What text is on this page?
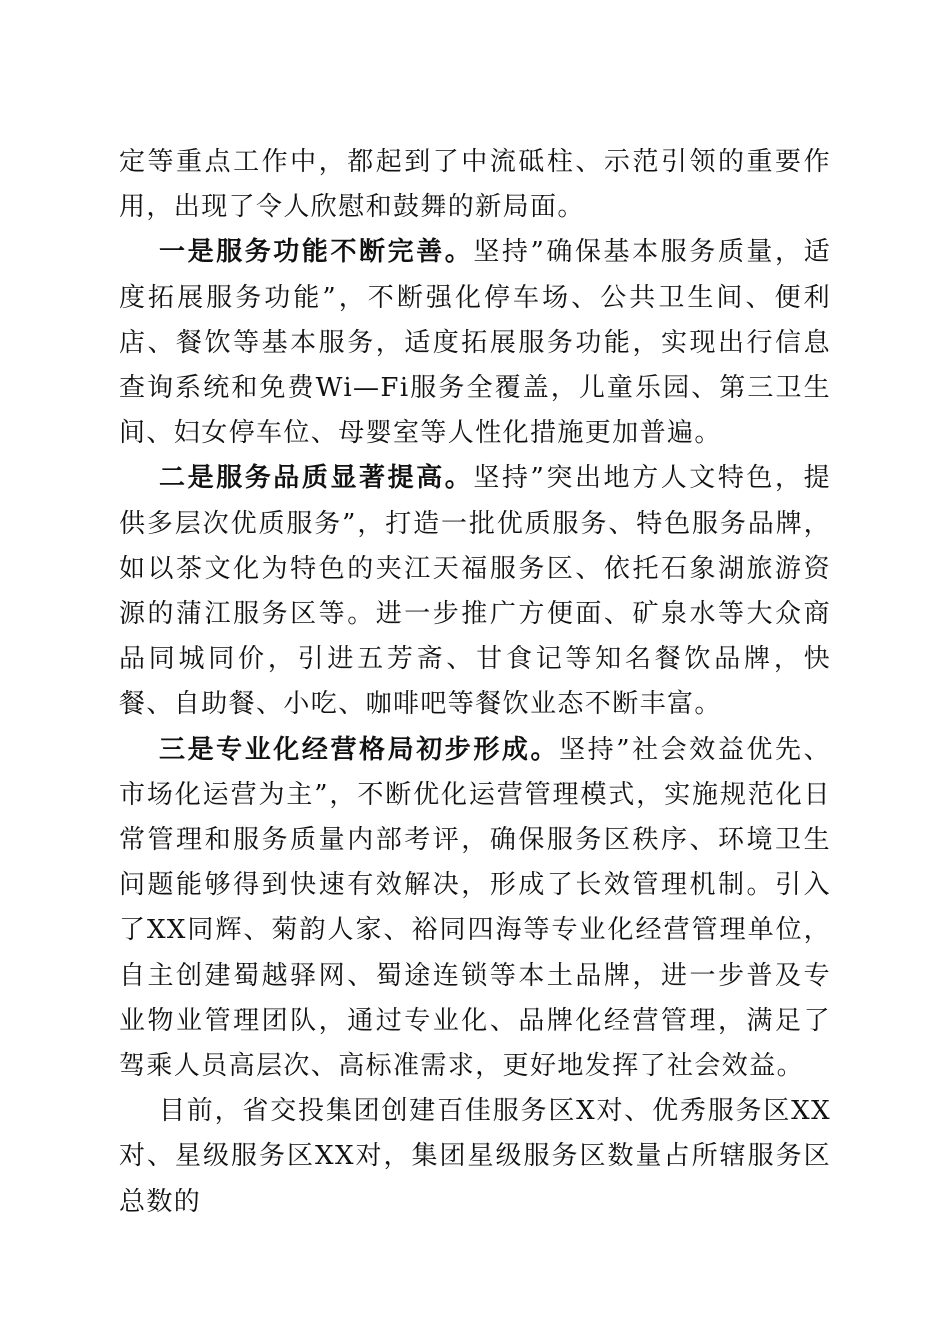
定等重点工作中，都起到了中流砥柱、示范引领的重要作用，出现了令人欣慰和鼓舞的新局面。

一是服务功能不断完善。坚持”确保基本服务质量，适度拓展服务功能”，不断强化停车场、公共卫生间、便利店、餐饮等基本服务，适度拓展服务功能，实现出行信息查询系统和免费Wi—Fi服务全覆盖，儿童乐园、第三卫生间、妇女停车位、母婴室等人性化措施更加普遍。

二是服务品质显著提高。坚持”突出地方人文特色，提供多层次优质服务”，打造一批优质服务、特色服务品牌，如以茶文化为特色的夹江天福服务区、依托石象湖旅游资源的蒲江服务区等。进一步推广方便面、矿泉水等大众商品同城同价，引进五芳斋、甘食记等知名餐饮品牌，快餐、自助餐、小吃、咖啡吧等餐饮业态不断丰富。

三是专业化经营格局初步形成。坚持”社会效益优先、市场化运营为主”，不断优化运营管理模式，实施规范化日常管理和服务质量内部考评，确保服务区秩序、环境卫生问题能够得到快速有效解决，形成了长效管理机制。引入了XX同辉、菊韵人家、裕同四海等专业化经营管理单位，自主创建蜀越驿网、蜀途连锁等本土品牌，进一步普及专业物业管理团队，通过专业化、品牌化经营管理，满足了驾乘人员高层次、高标准需求，更好地发挥了社会效益。

目前，省交投集团创建百佳服务区X对、优秀服务区XX对、星级服务区XX对，集团星级服务区数量占所辖服务区总数的
